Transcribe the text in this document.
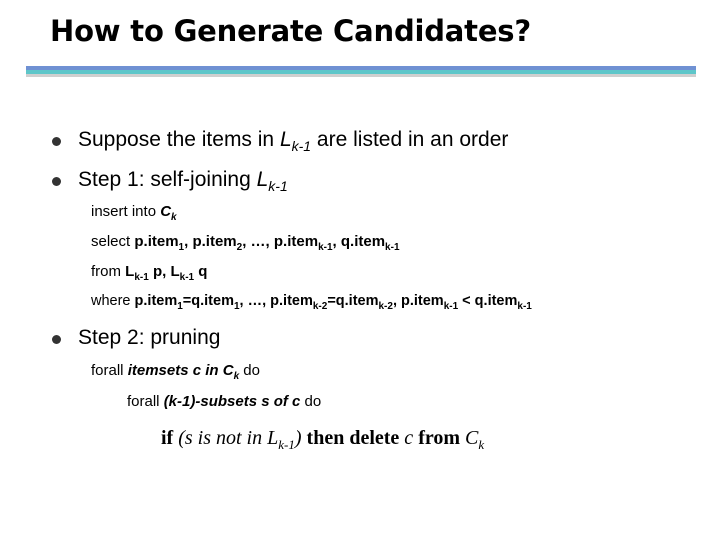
How to Generate Candidates?
Suppose the items in $L_{k-1}$ are listed in an order
Step 1: self-joining $L_{k-1}$
insert into $C_k$
select p.item$_1$, p.item$_2$, …, p.item$_{k-1}$, q.item$_{k-1}$
from $L_{k-1}$ p, $L_{k-1}$ q
where p.item$_1$=q.item$_1$, …, p.item$_{k-2}$=q.item$_{k-2}$, p.item$_{k-1}$ < q.item$_{k-1}$
Step 2: pruning
forall itemsets c in $C_k$ do
forall (k-1)-subsets s of c do
if (s is not in $L_{k-1}$) then delete c from $C_k$
